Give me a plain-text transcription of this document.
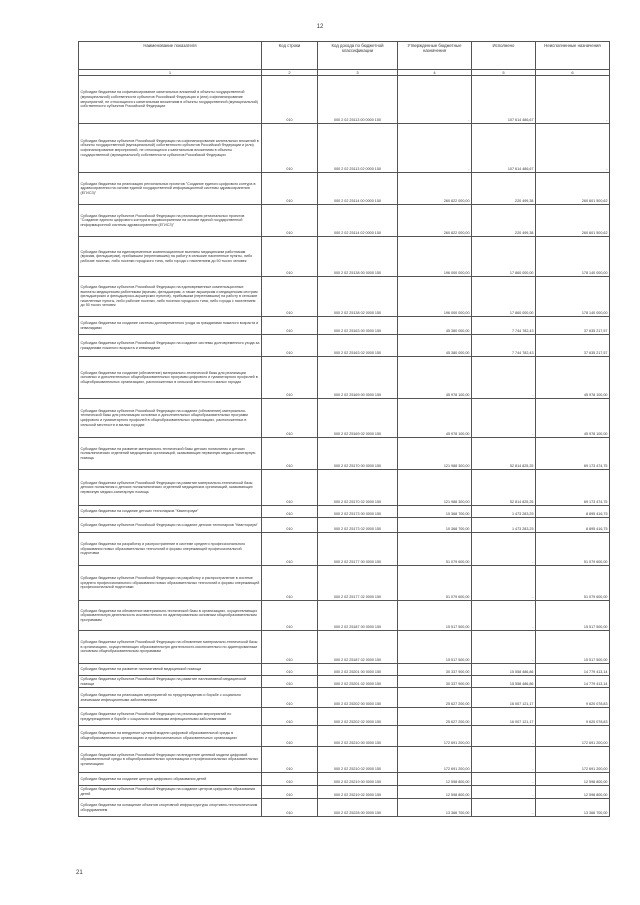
12
Наименование показателя	Код строки	Код дохода по бюджетной классификации	Утвержденные бюджетные назначения	Исполнено	Неисполненные назначения
1	2	3	4	5	6
Субсидии бюджетам на софинансирование капитальных вложений в объекты государственной (муниципальной) собственности субъектов Российской Федерации и (или) софинансирование мероприятий, не относящихся к капитальным вложениям в объекты государственной (муниципальной) собственности субъектов Российской Федерации	010	000 2 02 25113 00 0000 150	-	107 614 486,67	-
Субсидии бюджетам субъектов Российской Федерации на софинансирование капитальных вложений в объекты государственной (муниципальной) собственности субъектов Российской Федерации и (или) софинансирование мероприятий, не относящихся к капитальным вложениям в объекты государственной (муниципальной) собственности субъектов Российской Федерации	010	000 2 02 25113 02 0000 150	-	107 614 486,67	-
Субсидии бюджетам на реализацию региональных проектов "Создание единого цифрового контура в здравоохранении на основе единой государственной информационной системы здравоохранения (ЕГИСЗ)"	010	000 2 02 25114 00 0000 150	260 822 000,00	220 499,38	260 601 500,62
Субсидии бюджетам субъектов Российской Федерации на реализацию региональных проектов "Создание единого цифрового контура в здравоохранении на основе единой государственной информационной системы здравоохранения (ЕГИСЗ)"	010	000 2 02 25114 02 0000 150	260 822 000,00	220 499,38	260 601 500,62
Субсидии бюджетам на единовременные компенсационные выплаты медицинским работникам (врачам, фельдшерам), прибывшим (переехавшим) на работу в сельские населенные пункты, либо рабочие поселки, либо поселки городского типа, либо города с населением до 50 тысяч человек	010	000 2 02 25138 00 0000 150	196 000 000,00	17 860 000,00	178 140 000,00
Субсидии бюджетам субъектов Российской Федерации на единовременные компенсационные выплаты медицинским работникам (врачам, фельдшерам, а также акушеркам и медицинским сестрам фельдшерских и фельдшерско-акушерских пунктов), прибывшим (переехавшим) на работу в сельские населенные пункты, либо рабочие поселки, либо поселки городского типа, либо города с населением до 50 тысяч человек	010	000 2 02 25138 02 0000 150	196 000 000,00	17 860 000,00	178 140 000,00
Субсидии бюджетам на создание системы долговременного ухода за гражданами пожилого возраста и инвалидами	010	000 2 02 25163 00 0000 150	45 380 000,00	7 744 782,43	37 635 217,57
Субсидии бюджетам субъектов Российской Федерации на создание системы долговременного ухода за гражданами пожилого возраста и инвалидами	010	000 2 02 25163 02 0000 150	45 380 000,00	7 744 782,43	37 635 217,57
Субсидии бюджетам на создание (обновление) материально-технической базы для реализации основных и дополнительных общеобразовательных программ цифрового и гуманитарного профилей в общеобразовательных организациях, расположенных в сельской местности и малых городах	010	000 2 02 25169 00 0000 150	45 978 100,00	-	45 978 100,00
Субсидии бюджетам субъектов Российской Федерации на создание (обновление) материально-технической базы для реализации основных и дополнительных общеобразовательных программ цифрового и гуманитарного профилей в общеобразовательных организациях, расположенных в сельской местности и малых городах	010	000 2 02 25169 02 0000 150	45 978 100,00	-	45 978 100,00
Субсидии бюджетам на развитие материально-технической базы детских поликлиник и детских поликлинических отделений медицинских организаций, оказывающих первичную медико-санитарную помощь	010	000 2 02 25170 00 0000 150	121 988 300,00	52 814 825,25	69 173 474,75
Субсидии бюджетам субъектов Российской Федерации на развитие материально-технической базы детских поликлиник и детских поликлинических отделений медицинских организаций, оказывающих первичную медико-санитарную помощь	010	000 2 02 25170 02 0000 150	121 988 300,00	52 814 825,25	69 173 474,75
Субсидии бюджетам на создание детских технопарков "Кванториум"	010	000 2 02 25173 00 0000 150	10 368 700,00	1 473 283,25	8 895 416,75
Субсидии бюджетам субъектов Российской Федерации на создание детских технопарков "Кванториум"	010	000 2 02 25173 02 0000 150	10 368 700,00	1 473 283,25	8 895 416,75
Субсидии бюджетам на разработку и распространение в системе среднего профессионального образования новых образовательных технологий и формы опережающей профессиональной подготовки	010	000 2 02 25177 00 0000 150	51 079 600,00	-	51 079 600,00
Субсидии бюджетам субъектов Российской Федерации на разработку и распространение в системе среднего профессионального образования новых образовательных технологий и формы опережающей профессиональной подготовки	010	000 2 02 25177 02 0000 150	51 079 600,00	-	51 079 600,00
Субсидии бюджетам на обновление материально-технической базы в организациях, осуществляющих образовательную деятельность исключительно по адаптированным основным общеобразовательным программам	010	000 2 02 25187 00 0000 150	15 517 500,00	-	15 517 500,00
Субсидии бюджетам субъектов Российской Федерации на обновление материально-технической базы в организациях, осуществляющих образовательную деятельность исключительно по адаптированным основным общеобразовательным программам	010	000 2 02 25187 02 0000 150	15 517 500,00	-	15 517 500,00
Субсидии бюджетам на развитие паллиативной медицинской помощи	010	000 2 02 25201 00 0000 150	30 337 900,00	15 558 486,86	14 779 413,14
Субсидии бюджетам субъектов Российской Федерации на развитие паллиативной медицинской помощи	010	000 2 02 25201 02 0000 150	30 337 900,00	15 558 486,86	14 779 413,14
Субсидии бюджетам на реализацию мероприятий по предупреждению и борьбе с социально значимыми инфекционными заболеваниями	010	000 2 02 25202 00 0000 150	25 627 200,00	16 007 121,17	9 620 078,83
Субсидии бюджетам субъектов Российской Федерации на реализацию мероприятий по предупреждению и борьбе с социально значимыми инфекционными заболеваниями	010	000 2 02 25202 02 0000 150	25 627 200,00	16 007 121,17	9 620 078,83
Субсидии бюджетам на внедрение целевой модели цифровой образовательной среды в общеобразовательных организациях и профессиональных образовательных организациях	010	000 2 02 25210 00 0000 150	172 691 200,00	-	172 691 200,00
Субсидии бюджетам субъектов Российской Федерации на внедрение целевой модели цифровой образовательной среды в общеобразовательных организациях и профессиональных образовательных организациях	010	000 2 02 25210 02 0000 150	172 691 200,00	-	172 691 200,00
Субсидии бюджетам на создание центров цифрового образования детей	010	000 2 02 25219 00 0000 150	12 598 800,00	-	12 598 800,00
Субсидии бюджетам субъектов Российской Федерации на создание центров цифрового образования детей	010	000 2 02 25219 02 0000 150	12 598 800,00	-	12 598 800,00
Субсидии бюджетам на оснащение объектов спортивной инфраструктуры спортивно-технологическим оборудованием	010	000 2 02 25228 00 0000 150	13 366 700,00	-	13 366 700,00
21
